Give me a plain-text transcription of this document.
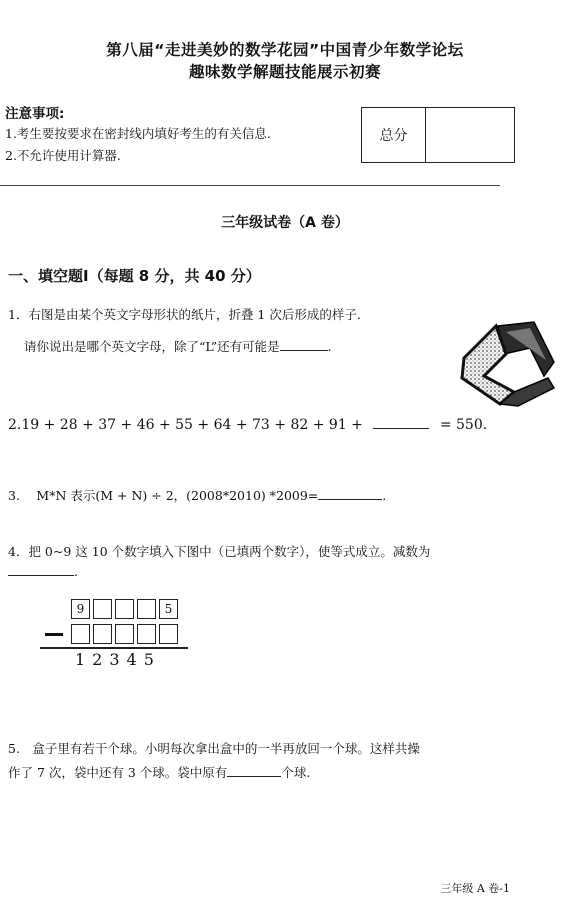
第八届“走进美妙的数学花园”中国青少年数学论坛
趣味数学解题技能展示初赛
注意事项:
1.考生要按要求在密封线内填好考生的有关信息.
2.不允许使用计算器.
总分
三年级试卷（A 卷）
一、填空题Ⅰ（每题 8 分，共 40 分）
1．右图是由某个英文字母形状的纸片，折叠 1 次后形成的样子.
请你说出是哪个英文字母，除了“L”还有可能是	.
2.19 + 28 + 37 + 46 + 55 + 64 + 73 + 82 + 91 +	= 550.
3.　 M*N 表示(M + N) ÷ 2，(2008*2010) *2009=	.
4．把 0~9 这 10 个数字填入下图中（已填两个数字），使等式成立。减数为
.
9	5
12345
5.　盒子里有若干个球。小明每次拿出盒中的一半再放回一个球。这样共操
作了 7 次，袋中还有 3 个球。袋中原有	个球.
三年级 A 卷-1
